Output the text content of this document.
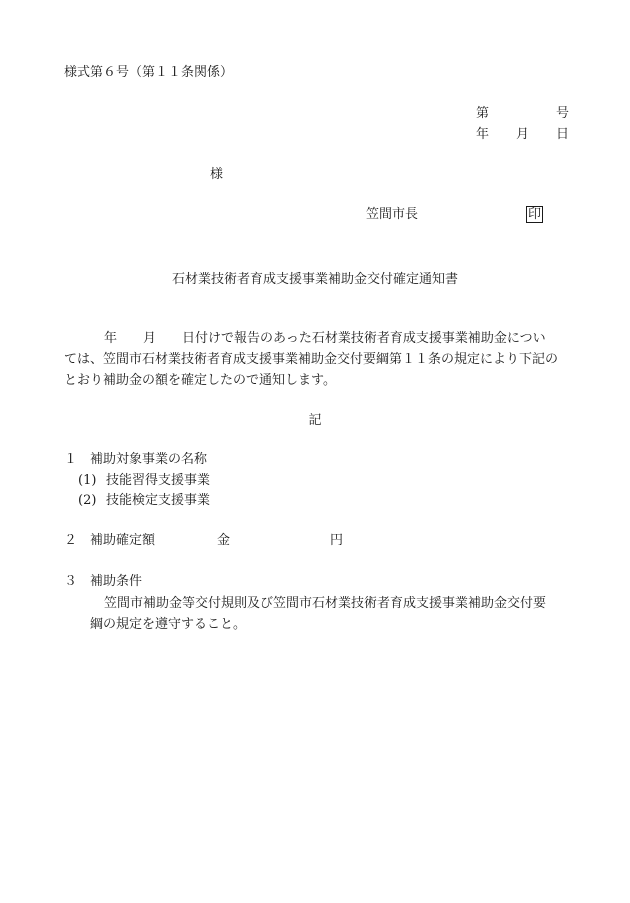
様式第６号（第１１条関係）
第	号
年 月 日
様
笠間市長	印
石材業技術者育成支援事業補助金交付確定通知書
年 月 日付けで報告のあった石材業技術者育成支援事業補助金につい
ては、笠間市石材業技術者育成支援事業補助金交付要綱第１１条の規定により下記の
とおり補助金の額を確定したので通知します。
記
１ 補助対象事業の名称
(1) 技能習得支援事業
(2) 技能検定支援事業
２ 補助確定額	金	円
３ 補助条件
笠間市補助金等交付規則及び笠間市石材業技術者育成支援事業補助金交付要
綱の規定を遵守すること。
